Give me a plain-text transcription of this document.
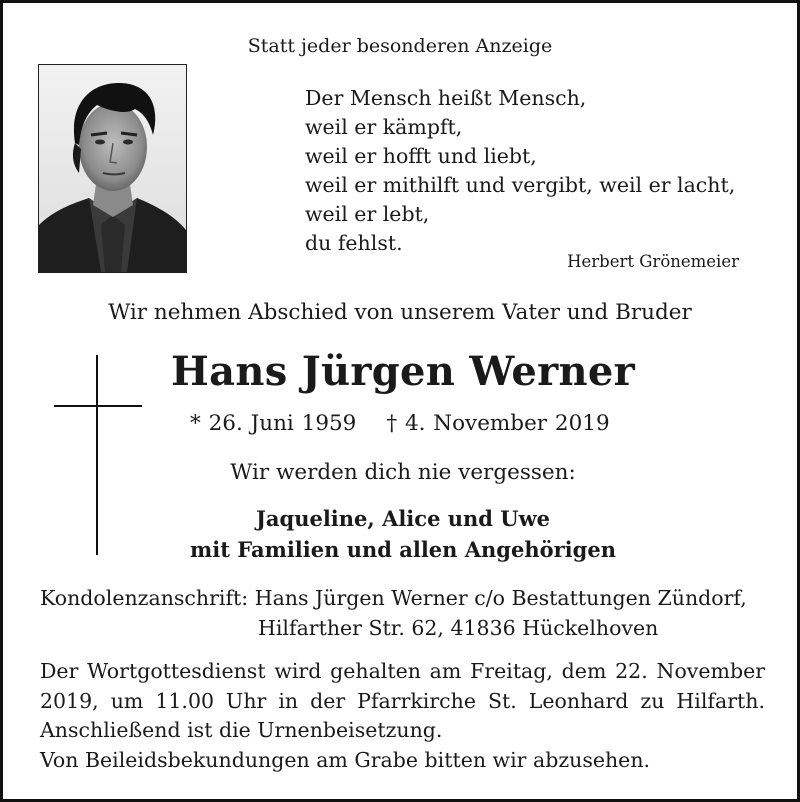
Statt jeder besonderen Anzeige
Der Mensch heißt Mensch,
weil er kämpft,
weil er hofft und liebt,
weil er mithilft und vergibt, weil er lacht,
weil er lebt,
du fehlst.
Herbert Grönemeier
Wir nehmen Abschied von unserem Vater und Bruder
Hans Jürgen Werner
* 26. Juni 1959 † 4. November 2019
Wir werden dich nie vergessen:
Jaqueline, Alice und Uwe
mit Familien und allen Angehörigen
Kondolenzanschrift: Hans Jürgen Werner c/o Bestattungen Zündorf,
Hilfarther Str. 62, 41836 Hückelhoven
Der Wortgottesdienst wird gehalten am Freitag, dem 22. November
2019, um 11.00 Uhr in der Pfarrkirche St. Leonhard zu Hilfarth.
Anschließend ist die Urnenbeisetzung.
Von Beileidsbekundungen am Grabe bitten wir abzusehen.
